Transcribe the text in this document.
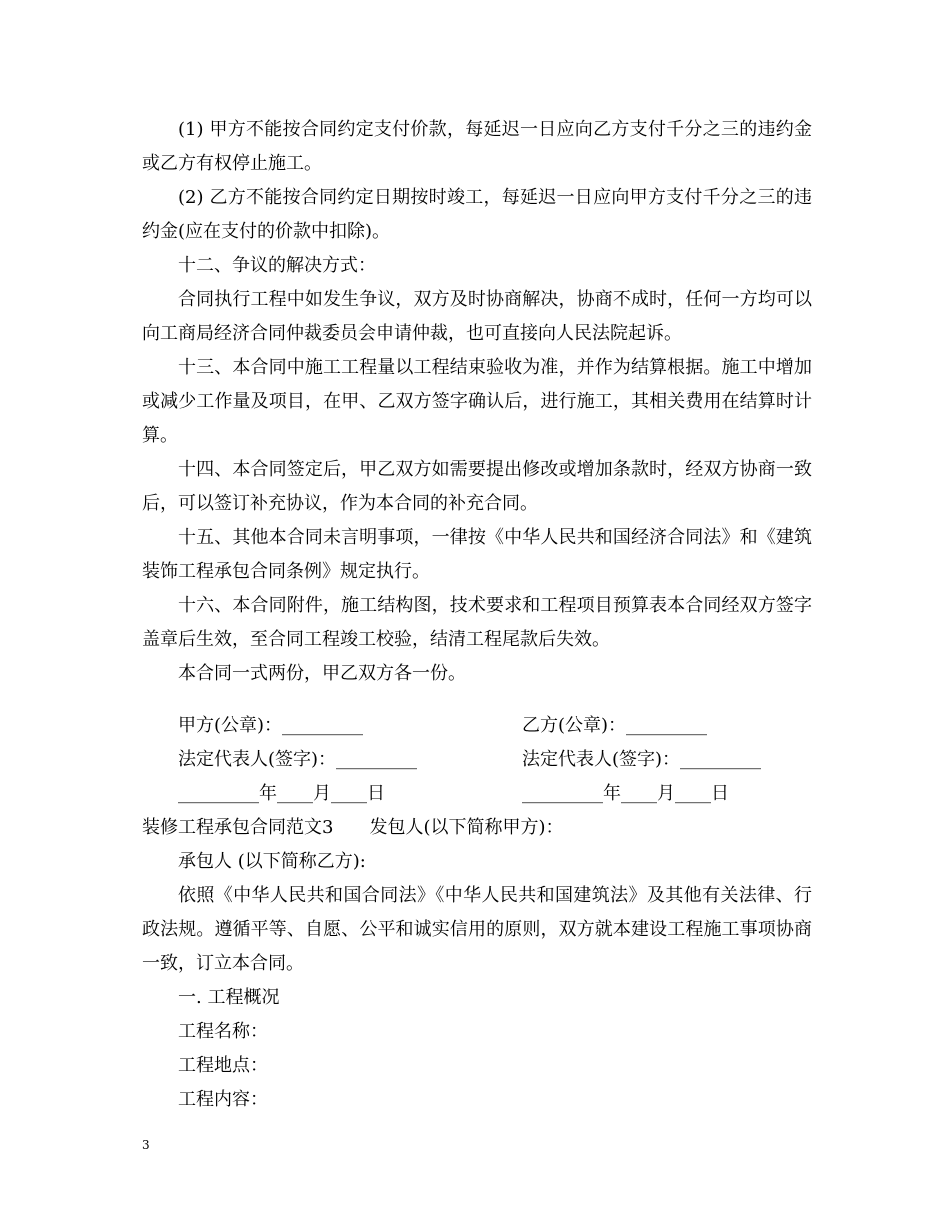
(1) 甲方不能按合同约定支付价款，每延迟一日应向乙方支付千分之三的违约金或乙方有权停止施工。

(2) 乙方不能按合同约定日期按时竣工，每延迟一日应向甲方支付千分之三的违约金(应在支付的价款中扣除)。

十二、争议的解决方式：

合同执行工程中如发生争议，双方及时协商解决，协商不成时，任何一方均可以向工商局经济合同仲裁委员会申请仲裁，也可直接向人民法院起诉。

十三、本合同中施工工程量以工程结束验收为准，并作为结算根据。施工中增加或减少工作量及项目，在甲、乙双方签字确认后，进行施工，其相关费用在结算时计算。

十四、本合同签定后，甲乙双方如需要提出修改或增加条款时，经双方协商一致后，可以签订补充协议，作为本合同的补充合同。

十五、其他本合同未言明事项，一律按《中华人民共和国经济合同法》和《建筑装饰工程承包合同条例》规定执行。

十六、本合同附件，施工结构图，技术要求和工程项目预算表本合同经双方签字盖章后生效，至合同工程竣工校验，结清工程尾款后失效。

本合同一式两份，甲乙双方各一份。

甲方(公章)：_________	乙方(公章)：_________
法定代表人(签字)：_________	法定代表人(签字)：_________
_________年____月____日	_________年____月____日
装修工程承包合同范文3　　发包人(以下简称甲方)：

承包人 (以下简称乙方):

依照《中华人民共和国合同法》《中华人民共和国建筑法》及其他有关法律、行政法规。遵循平等、自愿、公平和诚实信用的原则，双方就本建设工程施工事项协商一致，订立本合同。

一. 工程概况

工程名称：

工程地点：

工程内容：

3
